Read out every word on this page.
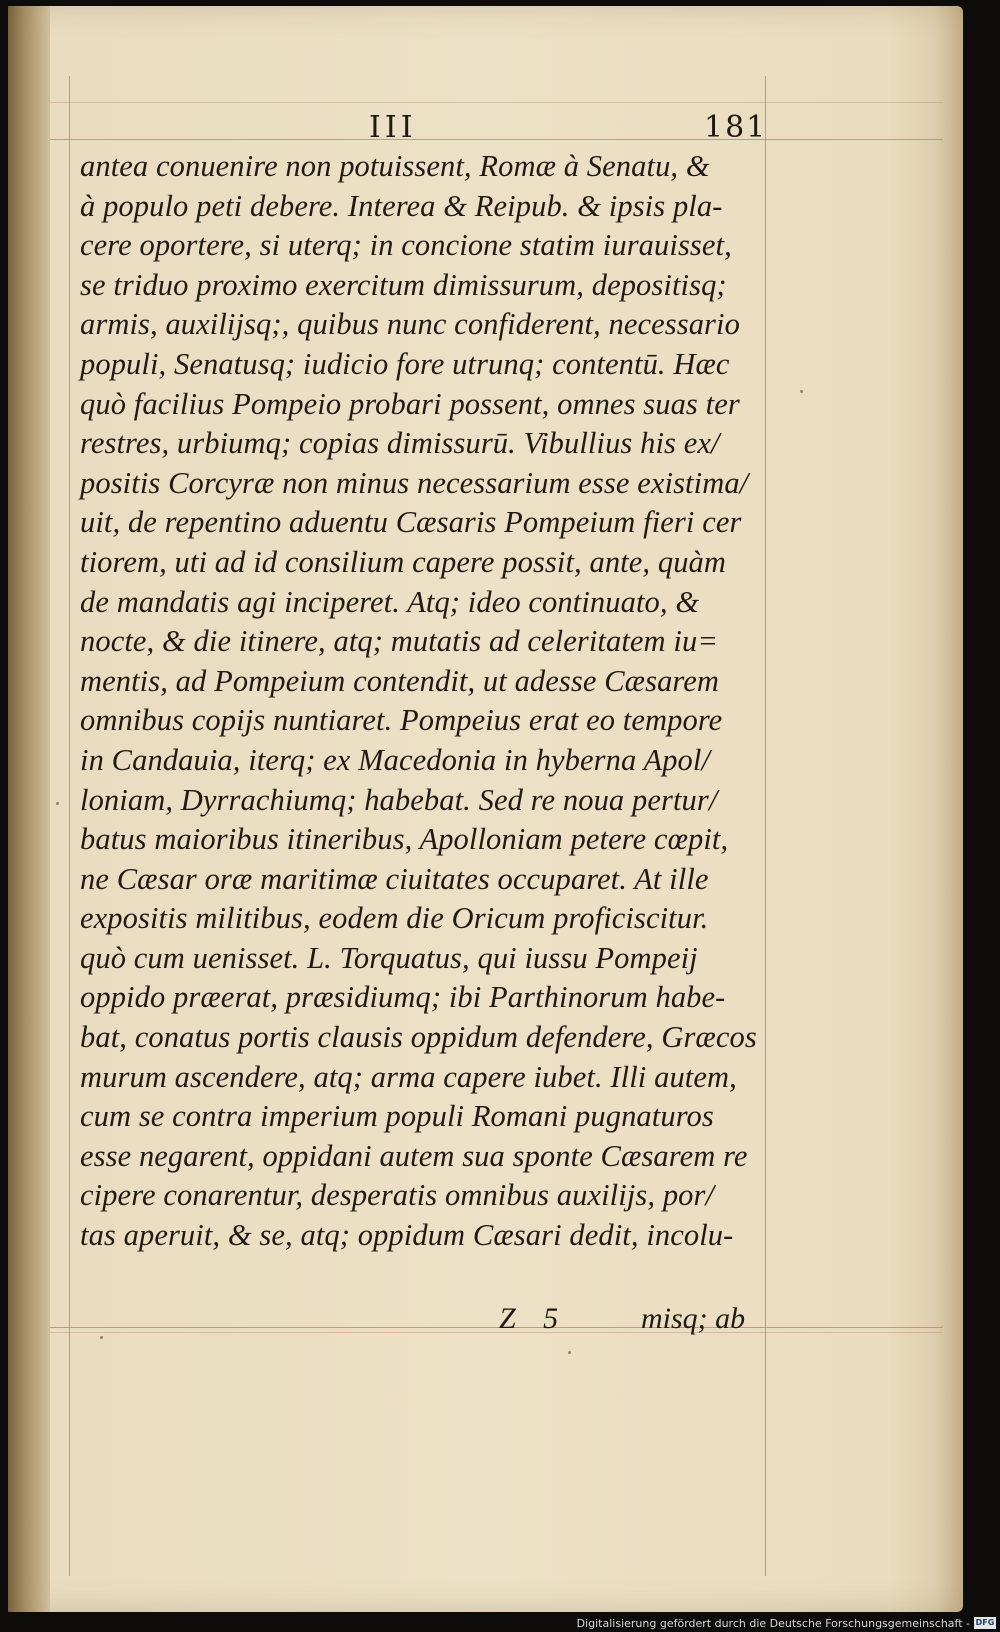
III	181
antea conuenire non potuissent, Romæ à Senatu, &
à populo peti debere. Interea & Reipub. & ipsis pla-
cere oportere, si uterq; in concione statim iurauisset,
se triduo proximo exercitum dimissurum, depositisq;
armis, auxilijsq;, quibus nunc confiderent, necessario
populi, Senatusq; iudicio fore utrunq; contentū. Hæc
quò facilius Pompeio probari possent, omnes suas ter
restres, urbiumq; copias dimissurū. Vibullius his ex/
positis Corcyræ non minus necessarium esse existima/
uit, de repentino aduentu Cæsaris Pompeium fieri cer
tiorem, uti ad id consilium capere possit, ante, quàm
de mandatis agi inciperet. Atq; ideo continuato, &
nocte, & die itinere, atq; mutatis ad celeritatem iu=
mentis, ad Pompeium contendit, ut adesse Cæsarem
omnibus copijs nuntiaret. Pompeius erat eo tempore
in Candauia, iterq; ex Macedonia in hyberna Apol/
loniam, Dyrrachiumq; habebat. Sed re noua pertur/
batus maioribus itineribus, Apolloniam petere cœpit,
ne Cæsar oræ maritimæ ciuitates occuparet. At ille
expositis militibus, eodem die Oricum proficiscitur.
quò cum uenisset. L. Torquatus, qui iussu Pompeij
oppido præerat, præsidiumq; ibi Parthinorum habe-
bat, conatus portis clausis oppidum defendere, Græcos
murum ascendere, atq; arma capere iubet. Illi autem,
cum se contra imperium populi Romani pugnaturos
esse negarent, oppidani autem sua sponte Cæsarem re
cipere conarentur, desperatis omnibus auxilijs, por/
tas aperuit, & se, atq; oppidum Cæsari dedit, incolu-
Z 5 misq; ab
Digitalisierung gefördert durch die Deutsche Forschungsgemeinschaft - DFG
